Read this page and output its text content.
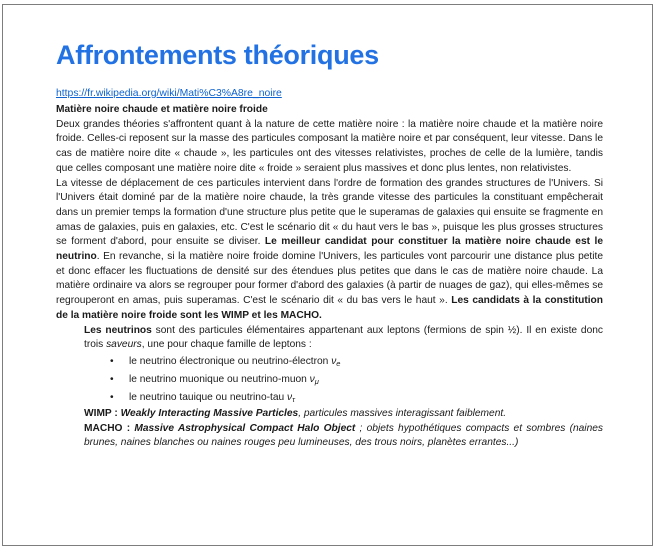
Affrontements théoriques
https://fr.wikipedia.org/wiki/Mati%C3%A8re_noire
Matière noire chaude et matière noire froide

Deux grandes théories s'affrontent quant à la nature de cette matière noire : la matière noire chaude et la matière noire froide. Celles-ci reposent sur la masse des particules composant la matière noire et par conséquent, leur vitesse. Dans le cas de matière noire dite « chaude », les particules ont des vitesses relativistes, proches de celle de la lumière, tandis que celles composant une matière noire dite « froide » seraient plus massives et donc plus lentes, non relativistes.

La vitesse de déplacement de ces particules intervient dans l'ordre de formation des grandes structures de l'Univers. Si l'Univers était dominé par de la matière noire chaude, la très grande vitesse des particules la constituant empêcherait dans un premier temps la formation d'une structure plus petite que le superamas de galaxies qui ensuite se fragmente en amas de galaxies, puis en galaxies, etc. C'est le scénario dit « du haut vers le bas », puisque les plus grosses structures se forment d'abord, pour ensuite se diviser. Le meilleur candidat pour constituer la matière noire chaude est le neutrino. En revanche, si la matière noire froide domine l'Univers, les particules vont parcourir une distance plus petite et donc effacer les fluctuations de densité sur des étendues plus petites que dans le cas de matière noire chaude. La matière ordinaire va alors se regrouper pour former d'abord des galaxies (à partir de nuages de gaz), qui elles-mêmes se regrouperont en amas, puis superamas. C'est le scénario dit « du bas vers le haut ». Les candidats à la constitution de la matière noire froide sont les WIMP et les MACHO.

Les neutrinos sont des particules élémentaires appartenant aux leptons (fermions de spin ½). Il en existe donc trois saveurs, une pour chaque famille de leptons :

•	le neutrino électronique ou neutrino-électron $\nu_e$
•	le neutrino muonique ou neutrino-muon $\nu_\mu$
•	le neutrino tauique ou neutrino-tau $\nu_\tau$

WIMP : Weakly Interacting Massive Particles, particules massives interagissant faiblement.

MACHO : Massive Astrophysical Compact Halo Object ; objets hypothétiques compacts et sombres (naines brunes, naines blanches ou naines rouges peu lumineuses, des trous noirs, planètes errantes...)
